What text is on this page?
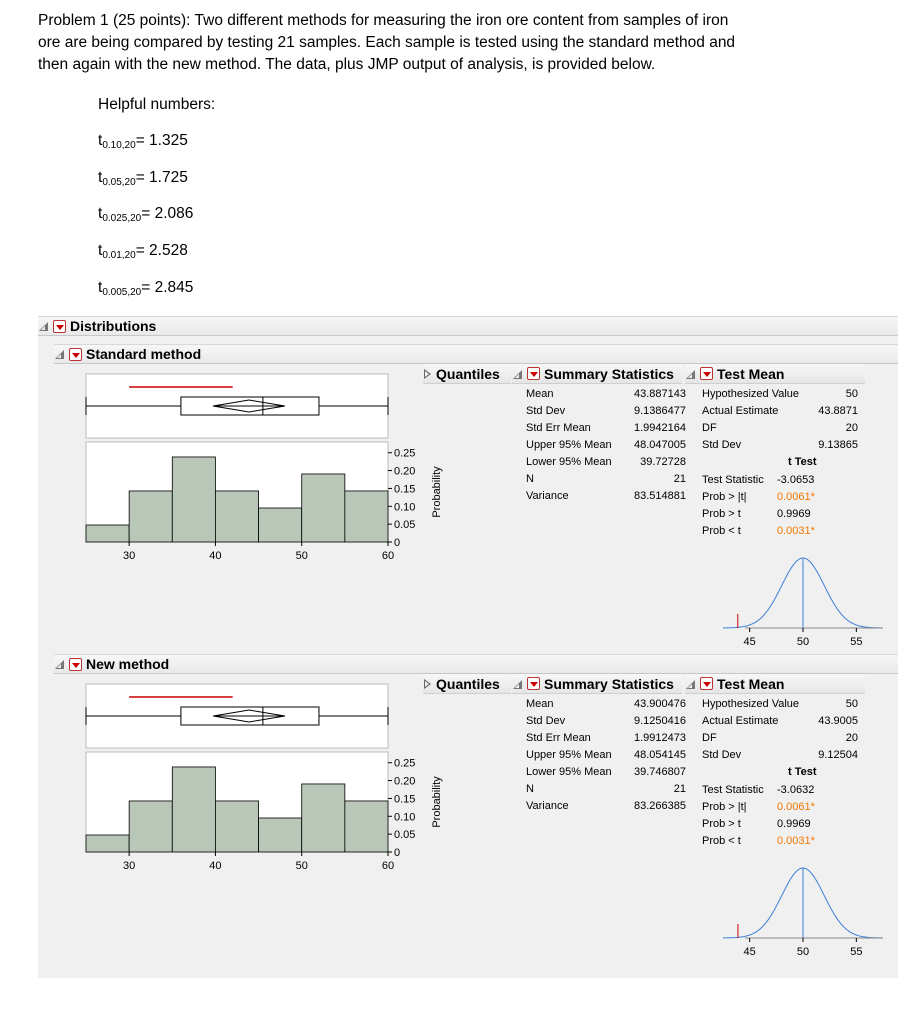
Problem 1 (25 points): Two different methods for measuring the iron ore content from samples of iron
ore are being compared by testing 21 samples. Each sample is tested using the standard method and
then again with the new method. The data, plus JMP output of analysis, is provided below.
Helpful numbers:
$t_{0.10,20}= 1.325$
$t_{0.05,20}= 1.725$
$t_{0.025,20}= 2.086$
$t_{0.01,20}= 2.528$
$t_{0.005,20}= 2.845$
Distributions
Standard method
30	40	50	60
0.25
0.20
0.15
0.10
0.05
0
Probability
Quantiles	Summary Statistics	Test Mean
Mean	43.887143
Std Dev	9.1386477
Std Err Mean	1.9942164
Upper 95% Mean 48.047005
Lower 95% Mean	39.72728
N	21
Variance	83.514881
Hypothesized Value	50
Actual Estimate	43.8871
DF	20
Std Dev	9.13865
t Test
Test Statistic	-3.0653
Prob > |t|	0.0061*
Prob > t	0.9969
Prob < t	0.0031*
45	50	55
New method
30	40	50	60
0.25
0.20
0.15
0.10
0.05
0
Probability
Quantiles	Summary Statistics	Test Mean
Mean	43.900476
Std Dev	9.1250416
Std Err Mean	1.9912473
Upper 95% Mean 48.054145
Lower 95% Mean 39.746807
N	21
Variance	83.266385
Hypothesized Value	50
Actual Estimate	43.9005
DF	20
Std Dev	9.12504
t Test
Test Statistic	-3.0632
Prob > |t|	0.0061*
Prob > t	0.9969
Prob < t	0.0031*
45	50	55
